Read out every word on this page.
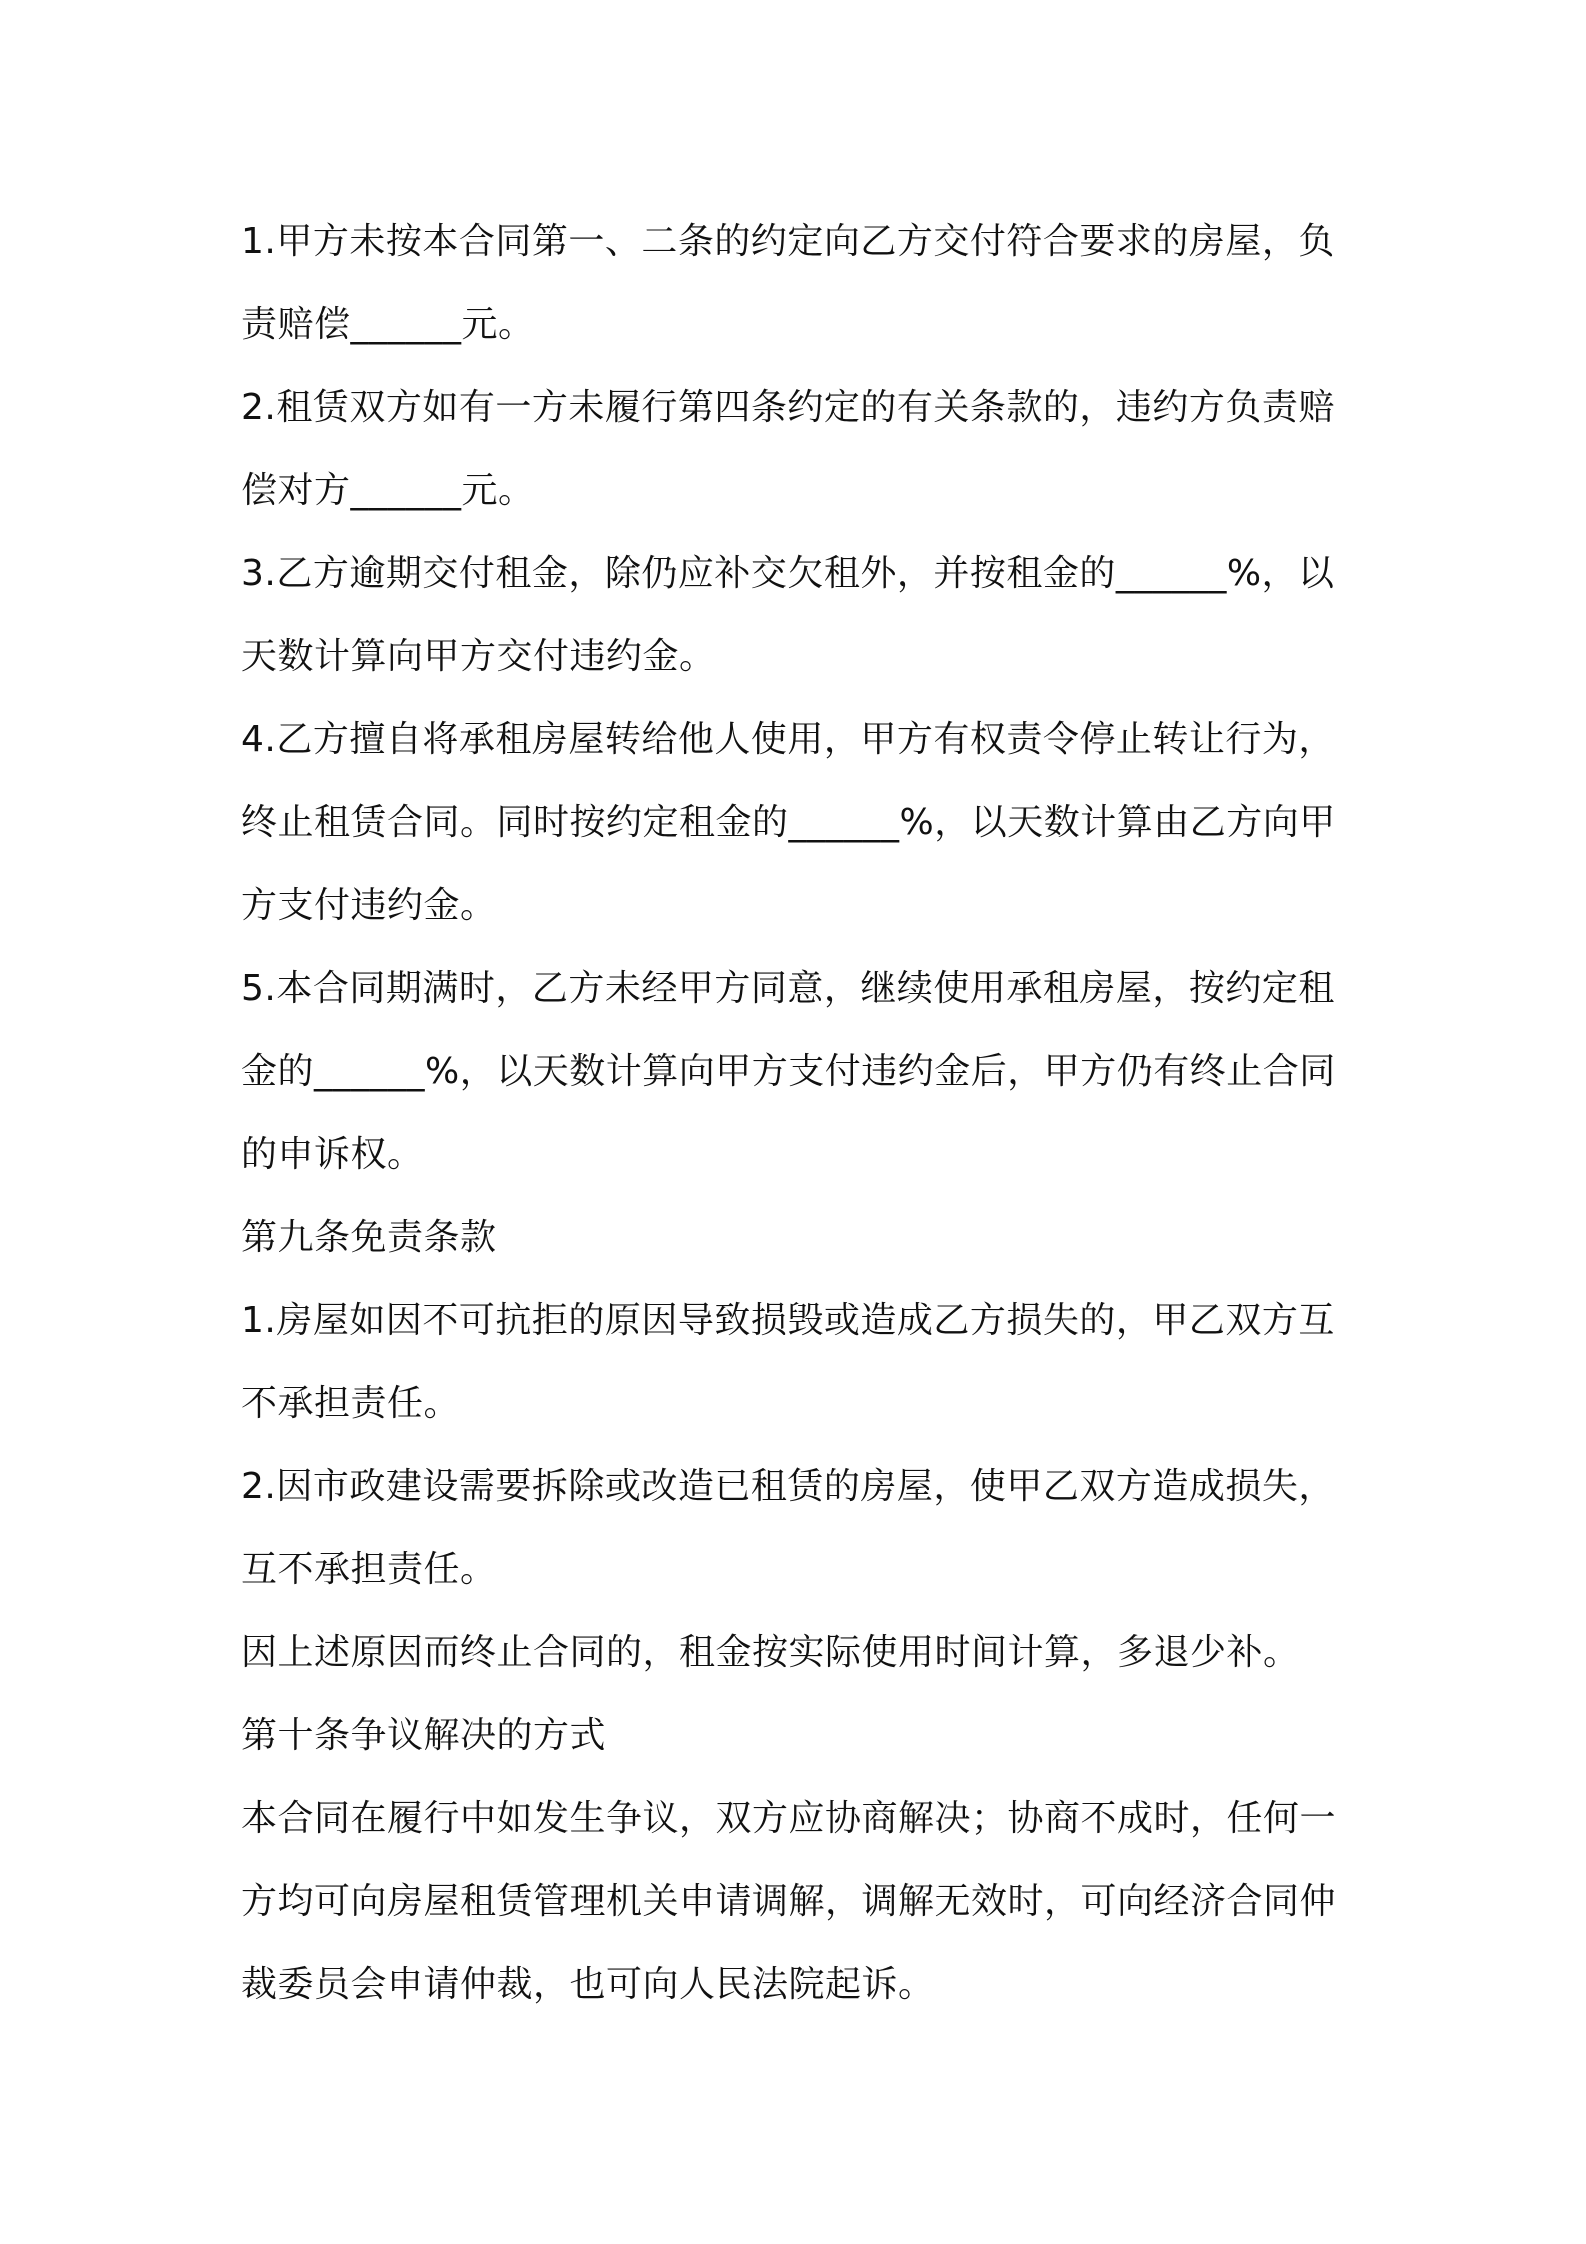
1.甲方未按本合同第一、二条的约定向乙方交付符合要求的房屋，负责赔偿______元。

2.租赁双方如有一方未履行第四条约定的有关条款的，违约方负责赔偿对方______元。

3.乙方逾期交付租金，除仍应补交欠租外，并按租金的______%，以天数计算向甲方交付违约金。

4.乙方擅自将承租房屋转给他人使用，甲方有权责令停止转让行为，终止租赁合同。同时按约定租金的______%，以天数计算由乙方向甲方支付违约金。

5.本合同期满时，乙方未经甲方同意，继续使用承租房屋，按约定租金的______%，以天数计算向甲方支付违约金后，甲方仍有终止合同的申诉权。

第九条免责条款

1.房屋如因不可抗拒的原因导致损毁或造成乙方损失的，甲乙双方互不承担责任。

2.因市政建设需要拆除或改造已租赁的房屋，使甲乙双方造成损失，互不承担责任。

因上述原因而终止合同的，租金按实际使用时间计算，多退少补。

第十条争议解决的方式

本合同在履行中如发生争议，双方应协商解决；协商不成时，任何一方均可向房屋租赁管理机关申请调解，调解无效时，可向经济合同仲裁委员会申请仲裁，也可向人民法院起诉。
